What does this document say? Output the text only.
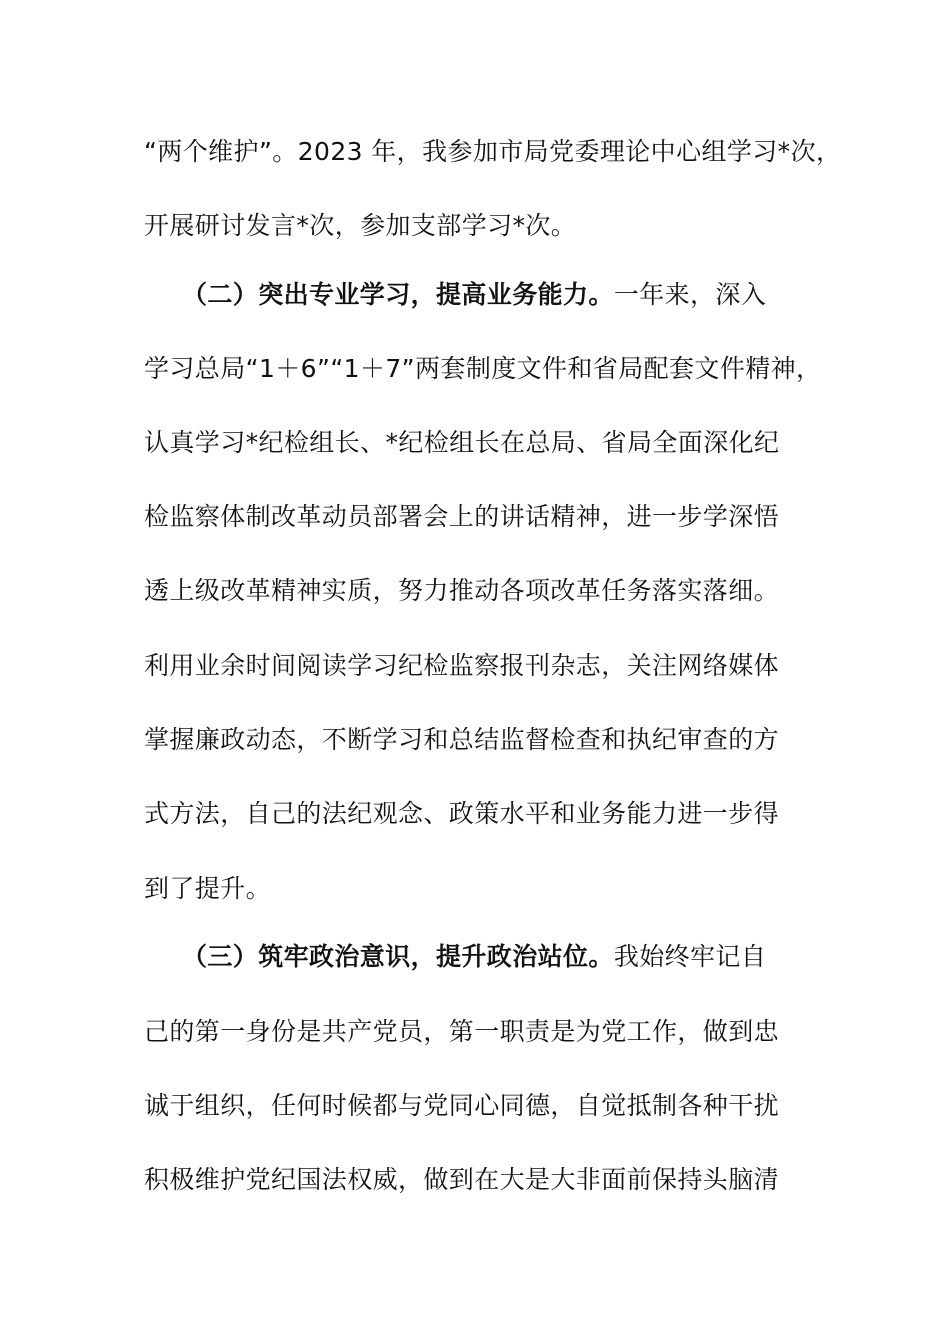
“两个维护”。2023 年，我参加市局党委理论中心组学习*次，
开展研讨发言*次，参加支部学习*次。
（二）突出专业学习，提高业务能力。一年来，深入
学习总局“1＋6”“1＋7”两套制度文件和省局配套文件精神，
认真学习*纪检组长、*纪检组长在总局、省局全面深化纪
检监察体制改革动员部署会上的讲话精神，进一步学深悟
透上级改革精神实质，努力推动各项改革任务落实落细。
利用业余时间阅读学习纪检监察报刊杂志，关注网络媒体
掌握廉政动态，不断学习和总结监督检查和执纪审查的方
式方法，自己的法纪观念、政策水平和业务能力进一步得
到了提升。
（三）筑牢政治意识，提升政治站位。我始终牢记自
己的第一身份是共产党员，第一职责是为党工作，做到忠
诚于组织，任何时候都与党同心同德，自觉抵制各种干扰
积极维护党纪国法权威，做到在大是大非面前保持头脑清
